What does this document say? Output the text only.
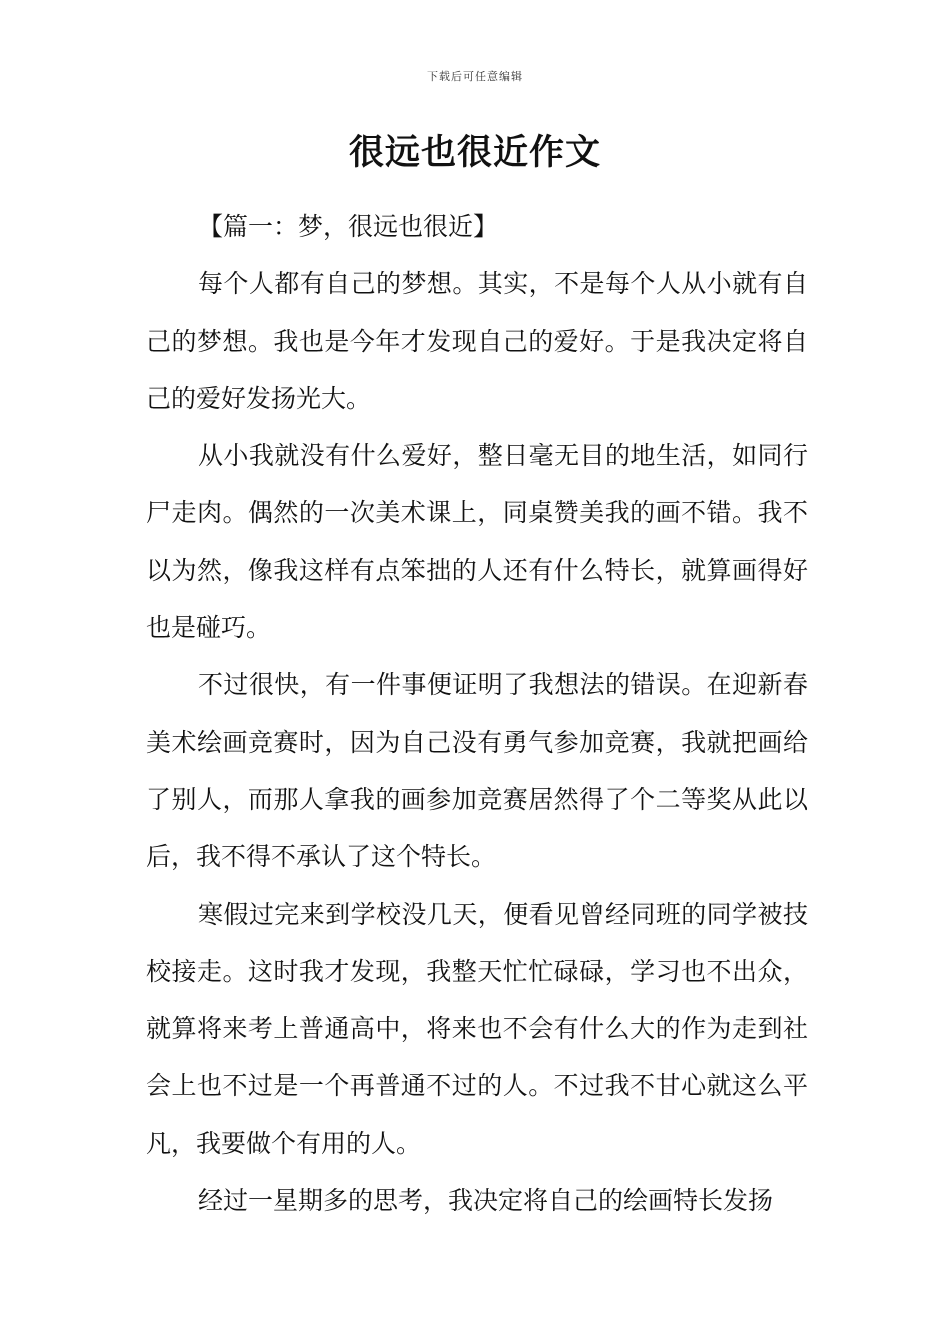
下载后可任意编辑
很远也很近作文

【篇一：梦，很远也很近】

每个人都有自己的梦想。其实，不是每个人从小就有自己的梦想。我也是今年才发现自己的爱好。于是我决定将自己的爱好发扬光大。

从小我就没有什么爱好，整日毫无目的地生活，如同行尸走肉。偶然的一次美术课上，同桌赞美我的画不错。我不以为然，像我这样有点笨拙的人还有什么特长，就算画得好也是碰巧。

不过很快，有一件事便证明了我想法的错误。在迎新春美术绘画竞赛时，因为自己没有勇气参加竞赛，我就把画给了别人，而那人拿我的画参加竞赛居然得了个二等奖从此以后，我不得不承认了这个特长。

寒假过完来到学校没几天，便看见曾经同班的同学被技校接走。这时我才发现，我整天忙忙碌碌，学习也不出众，就算将来考上普通高中，将来也不会有什么大的作为走到社会上也不过是一个再普通不过的人。不过我不甘心就这么平凡，我要做个有用的人。

经过一星期多的思考，我决定将自己的绘画特长发扬
